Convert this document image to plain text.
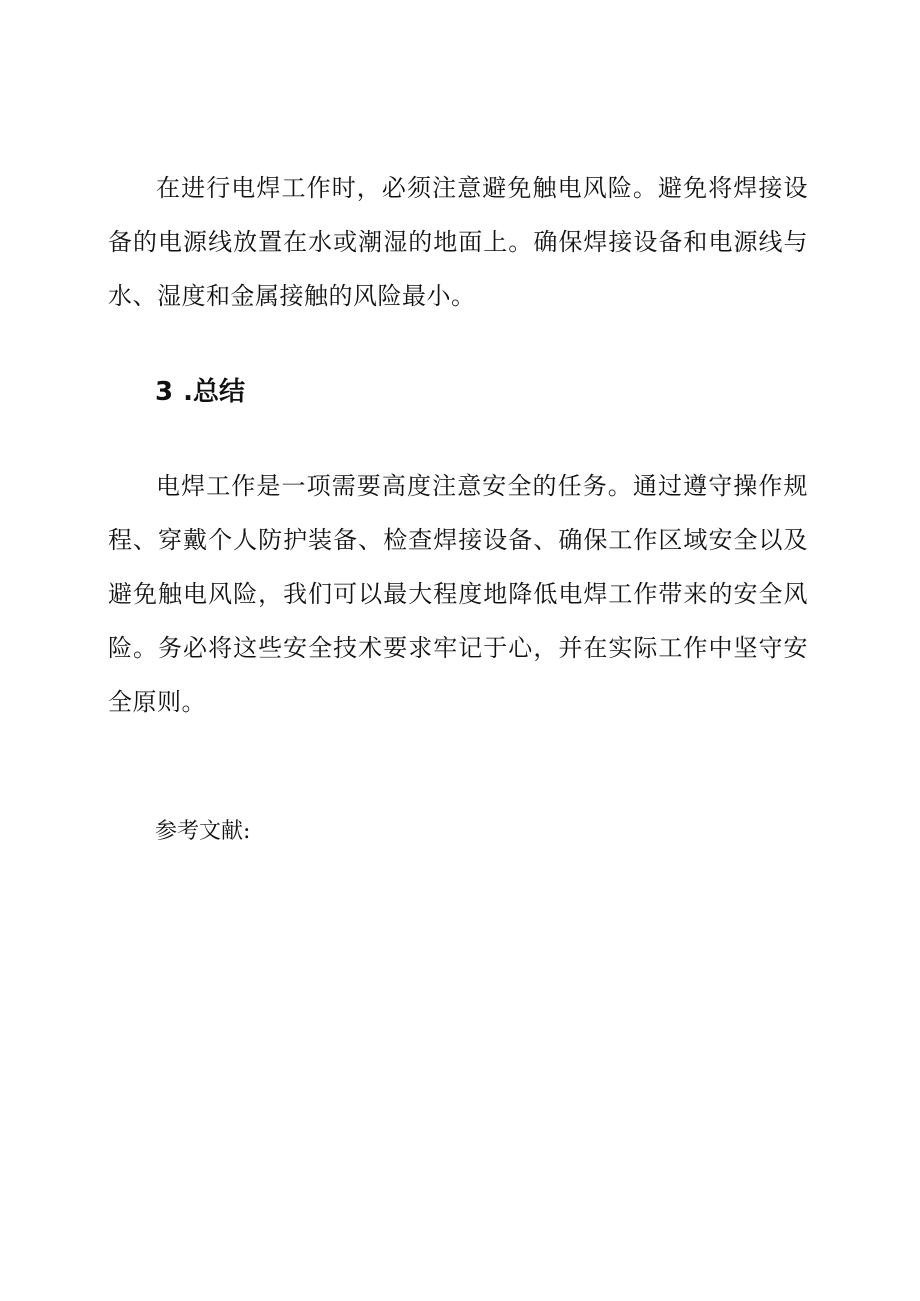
在进行电焊工作时，必须注意避免触电风险。避免将焊接设备的电源线放置在水或潮湿的地面上。确保焊接设备和电源线与水、湿度和金属接触的风险最小。

3 .总结

电焊工作是一项需要高度注意安全的任务。通过遵守操作规程、穿戴个人防护装备、检查焊接设备、确保工作区域安全以及避免触电风险，我们可以最大程度地降低电焊工作带来的安全风险。务必将这些安全技术要求牢记于心，并在实际工作中坚守安全原则。

参考文献:
